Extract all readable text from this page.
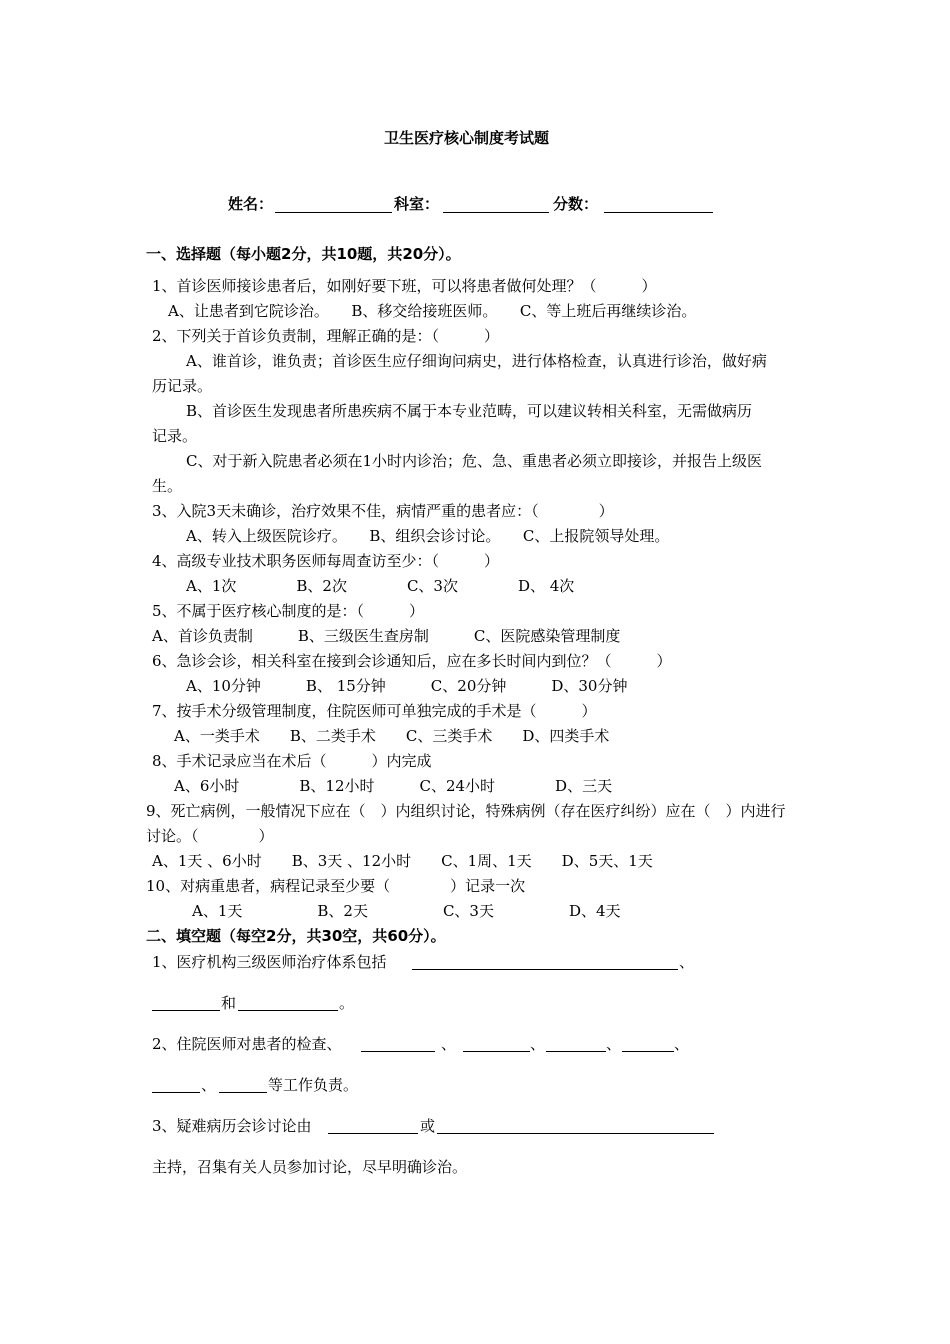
卫生医疗核心制度考试题
姓名：	科室：	分数：
一、选择题（每小题2分，共10题，共20分）。
1、首诊医师接诊患者后，如刚好要下班，可以将患者做何处理？（　　　）
A、让患者到它院诊治。　　B、移交给接班医师。　　C、等上班后再继续诊治。
2、下列关于首诊负责制，理解正确的是：（　　　）
A、谁首诊，谁负责；首诊医生应仔细询问病史，进行体格检查，认真进行诊治，做好病
历记录。
B、首诊医生发现患者所患疾病不属于本专业范畴，可以建议转相关科室，无需做病历
记录。
C、对于新入院患者必须在1小时内诊治；危、急、重患者必须立即接诊，并报告上级医
生。
3、入院3天未确诊，治疗效果不佳，病情严重的患者应：（　　　　）
A、转入上级医院诊疗。　　B、组织会诊讨论。　　C、上报院领导处理。
4、高级专业技术职务医师每周查访至少：（　　　）
A、1次　　　　B、2次　　　　C、3次　　　　D、 4次
5、不属于医疗核心制度的是：（　　　）
A、首诊负责制　　　B、三级医生查房制　　　C、医院感染管理制度
6、急诊会诊，相关科室在接到会诊通知后，应在多长时间内到位？（　　　）
A、10分钟　　　B、 15分钟　　　C、20分钟　　　D、30分钟
7、按手术分级管理制度，住院医师可单独完成的手术是（　　　）
A、一类手术　　B、二类手术　　C、三类手术　　D、四类手术
8、手术记录应当在术后（　　　）内完成
A、6小时　　　　B、12小时　　　C、24小时　　　　D、三天
9、死亡病例，一般情况下应在（　）内组织讨论，特殊病例（存在医疗纠纷）应在（　）内进行
讨论。（　　　　）
A、1天 、6小时　　B、3天 、12小时　　C、1周、1天　　D、5天、1天
10、对病重患者，病程记录至少要（　　　　）记录一次
A、1天　　　　　B、2天　　　　　C、3天　　　　　D、4天
二、填空题（每空2分，共30空，共60分）。
1、医疗机构三级医师治疗体系包括	、
和	。
2、住院医师对患者的检查、	、	、	、	、
、	等工作负责。
3、疑难病历会诊讨论由	或
主持，召集有关人员参加讨论，尽早明确诊治。
